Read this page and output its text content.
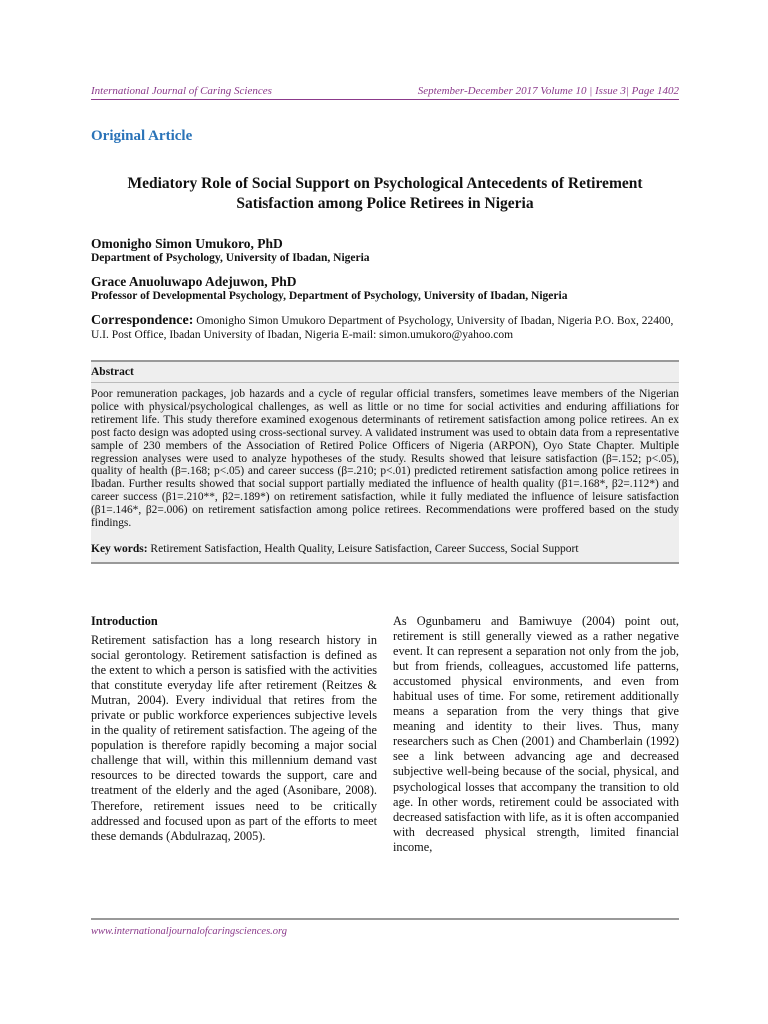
International Journal of Caring Sciences	September-December 2017 Volume 10 | Issue 3| Page 1402
Original Article
Mediatory Role of Social Support on Psychological Antecedents of Retirement Satisfaction among Police Retirees in Nigeria
Omonigho Simon Umukoro, PhD
Department of Psychology, University of Ibadan, Nigeria
Grace Anuoluwapo Adejuwon, PhD
Professor of Developmental Psychology, Department of Psychology, University of Ibadan, Nigeria
Correspondence: Omonigho Simon Umukoro Department of Psychology, University of Ibadan, Nigeria P.O. Box, 22400, U.I. Post Office, Ibadan University of Ibadan, Nigeria E-mail: simon.umukoro@yahoo.com
Abstract

Poor remuneration packages, job hazards and a cycle of regular official transfers, sometimes leave members of the Nigerian police with physical/psychological challenges, as well as little or no time for social activities and enduring affiliations for retirement life. This study therefore examined exogenous determinants of retirement satisfaction among police retirees. An ex post facto design was adopted using cross-sectional survey. A validated instrument was used to obtain data from a representative sample of 230 members of the Association of Retired Police Officers of Nigeria (ARPON), Oyo State Chapter. Multiple regression analyses were used to analyze hypotheses of the study. Results showed that leisure satisfaction (β=.152; p<.05), quality of health (β=.168; p<.05) and career success (β=.210; p<.01) predicted retirement satisfaction among police retirees in Ibadan. Further results showed that social support partially mediated the influence of health quality (β1=.168*, β2=.112*) and career success (β1=.210**, β2=.189*) on retirement satisfaction, while it fully mediated the influence of leisure satisfaction (β1=.146*, β2=.006) on retirement satisfaction among police retirees. Recommendations were proffered based on the study findings.

Key words: Retirement Satisfaction, Health Quality, Leisure Satisfaction, Career Success, Social Support
Introduction

Retirement satisfaction has a long research history in social gerontology. Retirement satisfaction is defined as the extent to which a person is satisfied with the activities that constitute everyday life after retirement (Reitzes & Mutran, 2004). Every individual that retires from the private or public workforce experiences subjective levels in the quality of retirement satisfaction. The ageing of the population is therefore rapidly becoming a major social challenge that will, within this millennium demand vast resources to be directed towards the support, care and treatment of the elderly and the aged (Asonibare, 2008). Therefore, retirement issues need to be critically addressed and focused upon as part of the efforts to meet these demands (Abdulrazaq, 2005).

As Ogunbameru and Bamiwuye (2004) point out, retirement is still generally viewed as a rather negative event. It can represent a separation not only from the job, but from friends, colleagues, accustomed life patterns, accustomed physical environments, and even from habitual uses of time. For some, retirement additionally means a separation from the very things that give meaning and identity to their lives. Thus, many researchers such as Chen (2001) and Chamberlain (1992) see a link between advancing age and decreased subjective well-being because of the social, physical, and psychological losses that accompany the transition to old age. In other words, retirement could be associated with decreased satisfaction with life, as it is often accompanied with decreased physical strength, limited financial income,

www.internationaljournalofcaringsciences.org
